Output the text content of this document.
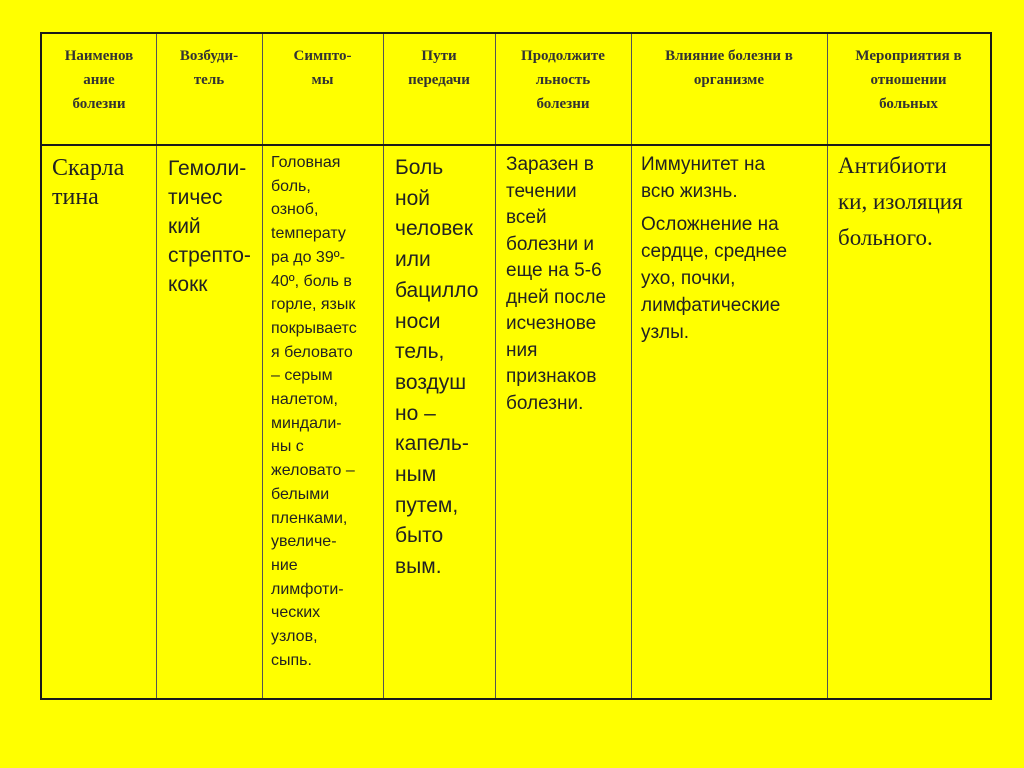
Наименов
ание
болезни
Возбуди-
тель
Симпто-
мы
Пути
передачи
Продолжите
льность
болезни
Влияние болезни в
организме
Мероприятия в
отношении
больных
Скарла
тина
Гемоли-
тичес
кий
стрепто-
кокк
Головная
боль,
озноб,
tемперату
ра до 39º-
40º, боль в
горле, язык
покрываетс
я беловато
– серым
налетом,
миндали-
ны с
желовато –
белыми
пленками,
увеличе-
ние
лимфоти-
ческих
узлов,
сыпь.
Боль
ной
человек
или
бацилло
носи
тель,
воздуш
но –
капель-
ным
путем,
быто
вым.
Заразен в
течении
всей
болезни и
еще на 5-6
дней после
исчезнове
ния
признаков
болезни.

Иммунитет на
всю жизнь.

Осложнение на
сердце, среднее
ухо, почки,
лимфатические
узлы.

Антибиоти
ки, изоляция
больного.
